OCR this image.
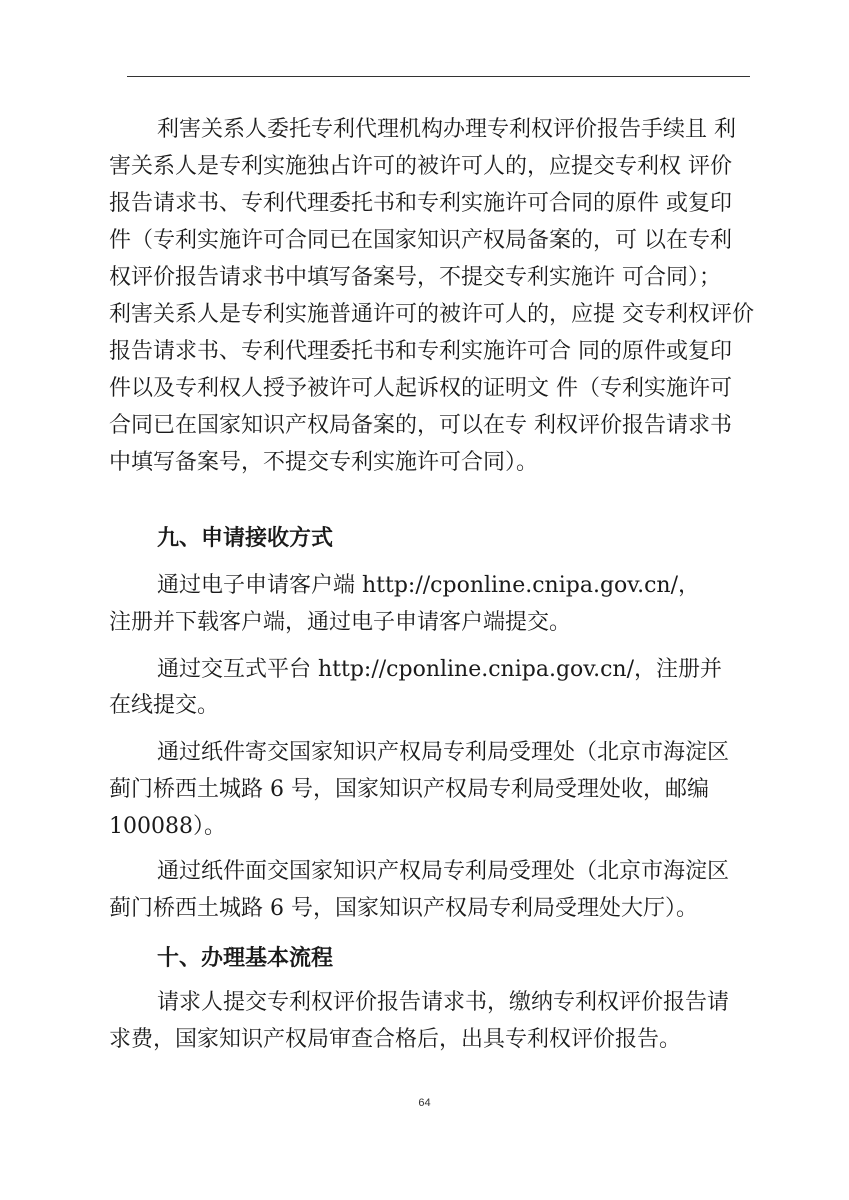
利害关系人委托专利代理机构办理专利权评价报告手续且 利
害关系人是专利实施独占许可的被许可人的，应提交专利权 评价
报告请求书、专利代理委托书和专利实施许可合同的原件 或复印
件（专利实施许可合同已在国家知识产权局备案的，可 以在专利
权评价报告请求书中填写备案号，不提交专利实施许 可合同）；
利害关系人是专利实施普通许可的被许可人的，应提 交专利权评价
报告请求书、专利代理委托书和专利实施许可合 同的原件或复印
件以及专利权人授予被许可人起诉权的证明文 件（专利实施许可
合同已在国家知识产权局备案的，可以在专 利权评价报告请求书
中填写备案号，不提交专利实施许可合同）。
九、申请接收方式
通过电子申请客户端 http://cponline.cnipa.gov.cn/，
注册并下载客户端，通过电子申请客户端提交。
通过交互式平台 http://cponline.cnipa.gov.cn/，注册并
在线提交。
通过纸件寄交国家知识产权局专利局受理处（北京市海淀区
蓟门桥西土城路 6 号，国家知识产权局专利局受理处收，邮编
100088）。
通过纸件面交国家知识产权局专利局受理处（北京市海淀区
蓟门桥西土城路 6 号，国家知识产权局专利局受理处大厅）。
十、办理基本流程
请求人提交专利权评价报告请求书，缴纳专利权评价报告请
求费，国家知识产权局审查合格后，出具专利权评价报告。
64
